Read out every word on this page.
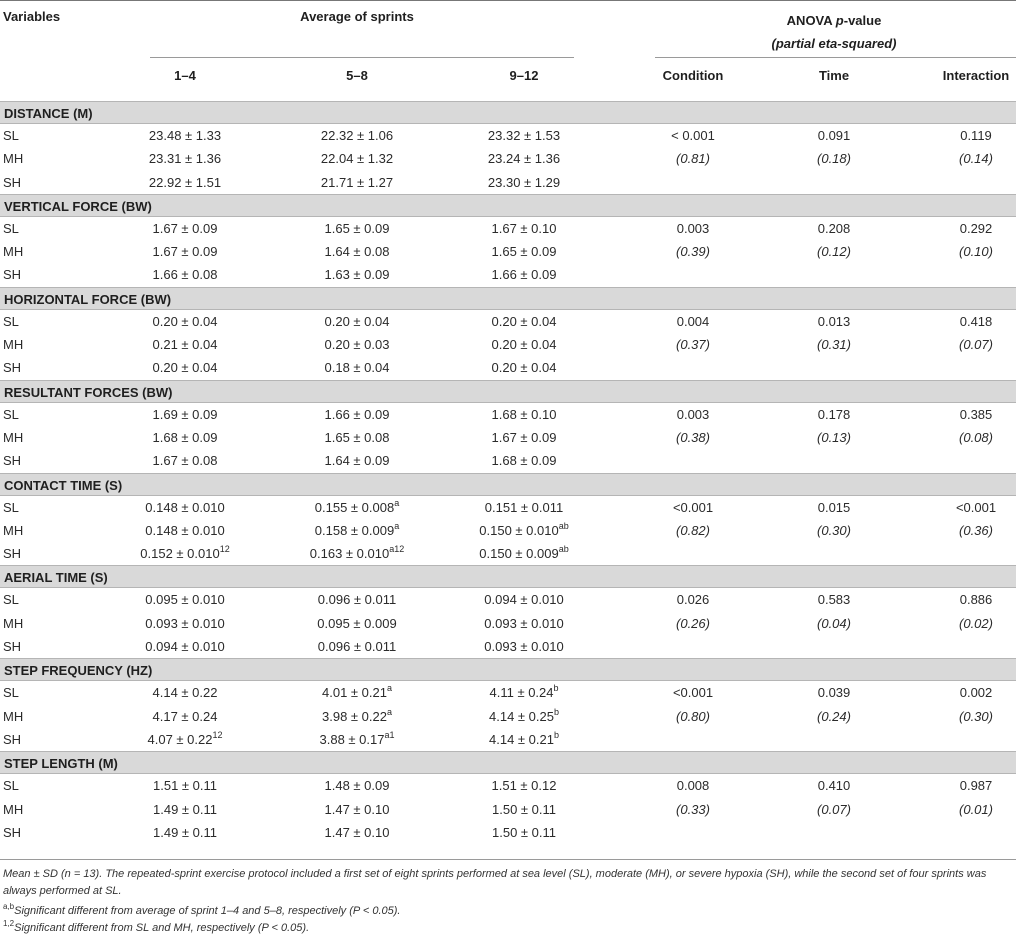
Variables	Average of sprints	ANOVA p-value
(partial eta-squared)
1–4	5–8	9–12	Condition	Time	Interaction
DISTANCE (M)
SL	23.48 ± 1.33	22.32 ± 1.06	23.32 ± 1.53	< 0.001	0.091	0.119
MH	23.31 ± 1.36	22.04 ± 1.32	23.24 ± 1.36	(0.81)	(0.18)	(0.14)
SH	22.92 ± 1.51	21.71 ± 1.27	23.30 ± 1.29
VERTICAL FORCE (BW)
SL	1.67 ± 0.09	1.65 ± 0.09	1.67 ± 0.10	0.003	0.208	0.292
MH	1.67 ± 0.09	1.64 ± 0.08	1.65 ± 0.09	(0.39)	(0.12)	(0.10)
SH	1.66 ± 0.08	1.63 ± 0.09	1.66 ± 0.09
HORIZONTAL FORCE (BW)
SL	0.20 ± 0.04	0.20 ± 0.04	0.20 ± 0.04	0.004	0.013	0.418
MH	0.21 ± 0.04	0.20 ± 0.03	0.20 ± 0.04	(0.37)	(0.31)	(0.07)
SH	0.20 ± 0.04	0.18 ± 0.04	0.20 ± 0.04
RESULTANT FORCES (BW)
SL	1.69 ± 0.09	1.66 ± 0.09	1.68 ± 0.10	0.003	0.178	0.385
MH	1.68 ± 0.09	1.65 ± 0.08	1.67 ± 0.09	(0.38)	(0.13)	(0.08)
SH	1.67 ± 0.08	1.64 ± 0.09	1.68 ± 0.09
CONTACT TIME (S)
SL	0.148 ± 0.010	0.155 ± 0.008$^a$	0.151 ± 0.011	<0.001	0.015	<0.001
MH	0.148 ± 0.010	0.158 ± 0.009$^a$	0.150 ± 0.010$^{ab}$	(0.82)	(0.30)	(0.36)
SH	$0.152 \pm 0.010^{12}$	$0.163 \pm 0.010^{a12}$	0.150 ± 0.009$^{ab}$
AERIAL TIME (S)
SL	0.095 ± 0.010	0.096 ± 0.011	0.094 ± 0.010	0.026	0.583	0.886
MH	0.093 ± 0.010	0.095 ± 0.009	0.093 ± 0.010	(0.26)	(0.04)	(0.02)
SH	0.094 ± 0.010	0.096 ± 0.011	0.093 ± 0.010
STEP FREQUENCY (HZ)
SL	4.14 ± 0.22	4.01 ± 0.21$^a$	4.11 ± 0.24$^b$	<0.001	0.039	0.002
MH	4.17 ± 0.24	3.98 ± 0.22$^a$	4.14 ± 0.25$^b$	(0.80)	(0.24)	(0.30)
SH	$4.07 \pm 0.22^{12}$	$3.88 \pm 0.17^{a1}$	4.14 ± 0.21$^b$
STEP LENGTH (M)
SL	1.51 ± 0.11	1.48 ± 0.09	1.51 ± 0.12	0.008	0.410	0.987
MH	1.49 ± 0.11	1.47 ± 0.10	1.50 ± 0.11	(0.33)	(0.07)	(0.01)
SH	1.49 ± 0.11	1.47 ± 0.10	1.50 ± 0.11
Mean ± SD (n = 13). The repeated-sprint exercise protocol included a first set of eight sprints performed at sea level (SL), moderate (MH), or severe hypoxia (SH), while the second set of four sprints was always performed at SL.
$^{a,b}$Significant different from average of sprint 1–4 and 5–8, respectively (P < 0.05).
$^{1,2}$Significant different from SL and MH, respectively (P < 0.05).
